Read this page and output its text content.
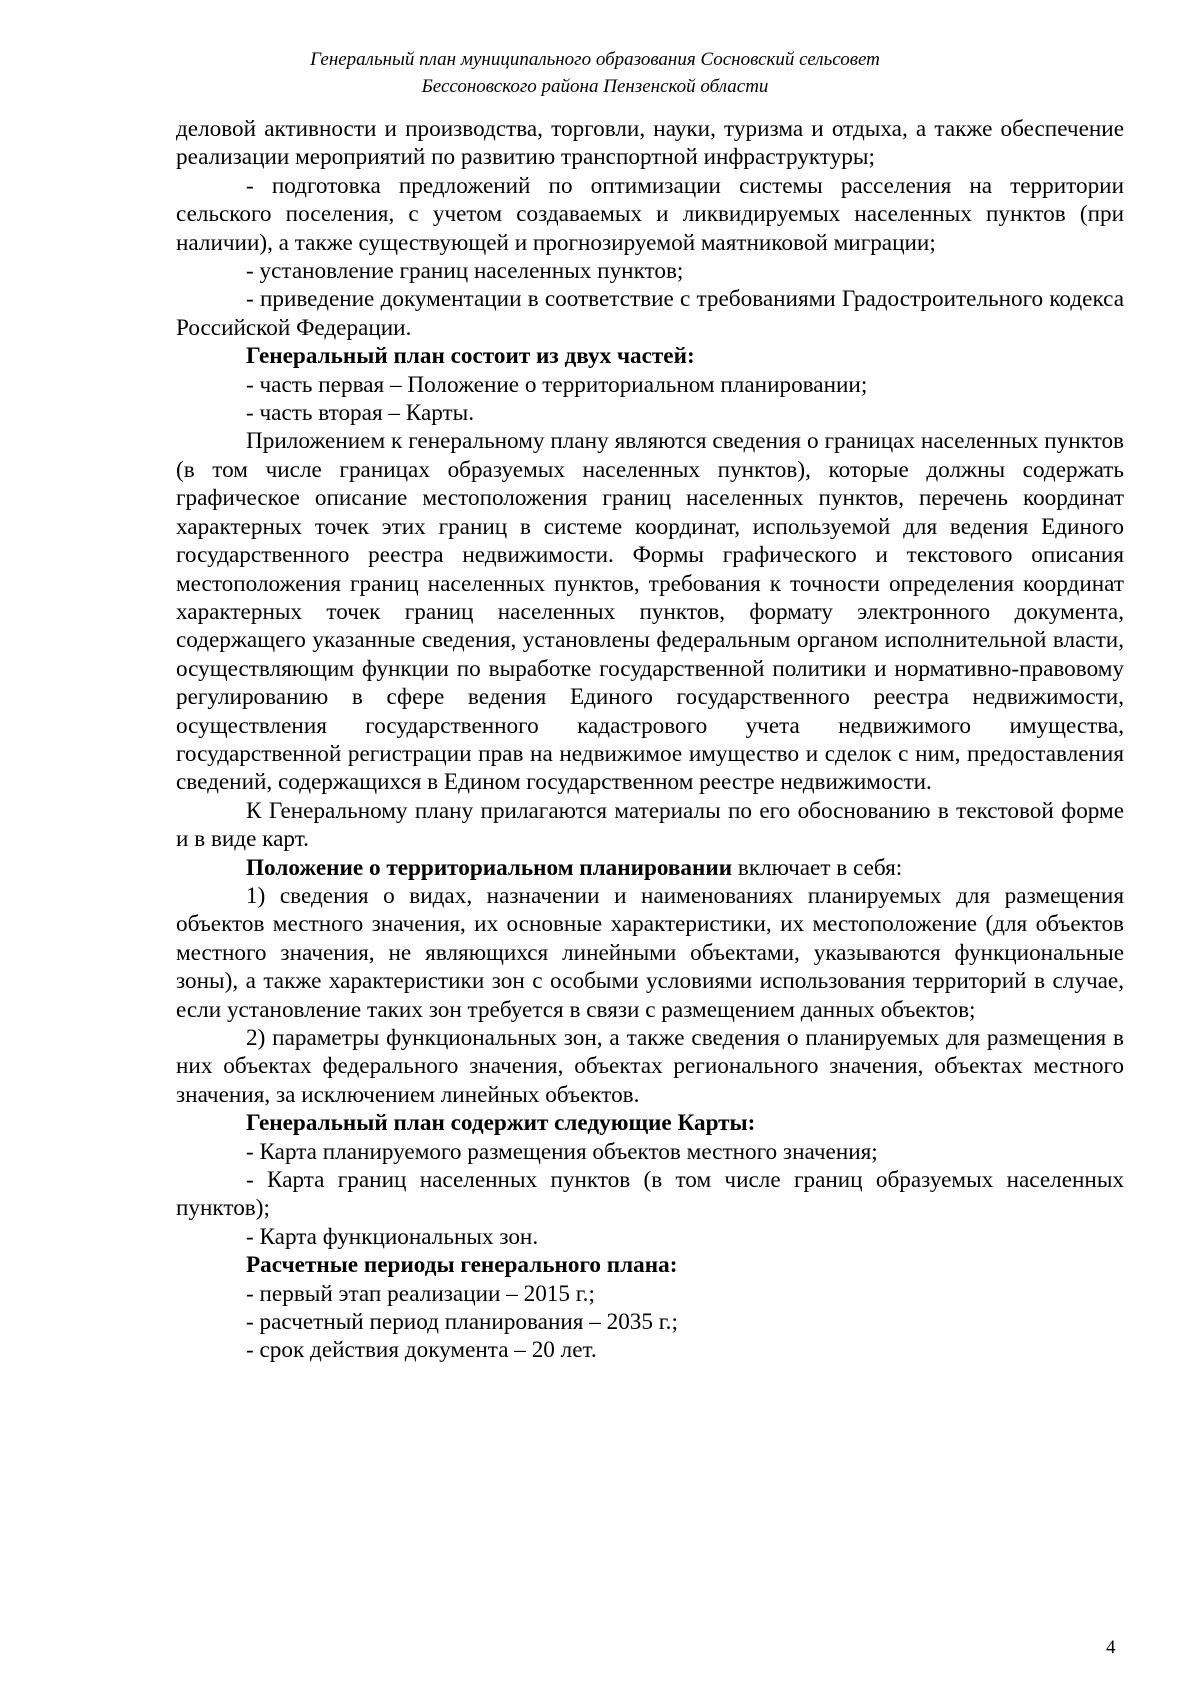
Генеральный план муниципального образования Сосновский сельсовет
Бессоновского района Пензенской области

деловой активности и производства, торговли, науки, туризма и отдыха, а также обеспечение реализации мероприятий по развитию транспортной инфраструктуры;

- подготовка предложений по оптимизации системы расселения на территории сельского поселения, с учетом создаваемых и ликвидируемых населенных пунктов (при наличии), а также существующей и прогнозируемой маятниковой миграции;

- установление границ населенных пунктов;

- приведение документации в соответствие с требованиями Градостроительного кодекса Российской Федерации.

Генеральный план состоит из двух частей:

- часть первая – Положение о территориальном планировании;

- часть вторая – Карты.

Приложением к генеральному плану являются сведения о границах населенных пунктов (в том числе границах образуемых населенных пунктов), которые должны содержать графическое описание местоположения границ населенных пунктов, перечень координат характерных точек этих границ в системе координат, используемой для ведения Единого государственного реестра недвижимости. Формы графического и текстового описания местоположения границ населенных пунктов, требования к точности определения координат характерных точек границ населенных пунктов, формату электронного документа, содержащего указанные сведения, установлены федеральным органом исполнительной власти, осуществляющим функции по выработке государственной политики и нормативно-правовому регулированию в сфере ведения Единого государственного реестра недвижимости, осуществления государственного кадастрового учета недвижимого имущества, государственной регистрации прав на недвижимое имущество и сделок с ним, предоставления сведений, содержащихся в Едином государственном реестре недвижимости.

К Генеральному плану прилагаются материалы по его обоснованию в текстовой форме и в виде карт.

Положение о территориальном планировании включает в себя:

1) сведения о видах, назначении и наименованиях планируемых для размещения объектов местного значения, их основные характеристики, их местоположение (для объектов местного значения, не являющихся линейными объектами, указываются функциональные зоны), а также характеристики зон с особыми условиями использования территорий в случае, если установление таких зон требуется в связи с размещением данных объектов;

2) параметры функциональных зон, а также сведения о планируемых для размещения в них объектах федерального значения, объектах регионального значения, объектах местного значения, за исключением линейных объектов.

Генеральный план содержит следующие Карты:

- Карта планируемого размещения объектов местного значения;

- Карта границ населенных пунктов (в том числе границ образуемых населенных пунктов);

- Карта функциональных зон.

Расчетные периоды генерального плана:

- первый этап реализации – 2015 г.;

- расчетный период планирования – 2035 г.;

- срок действия документа – 20 лет.

4
